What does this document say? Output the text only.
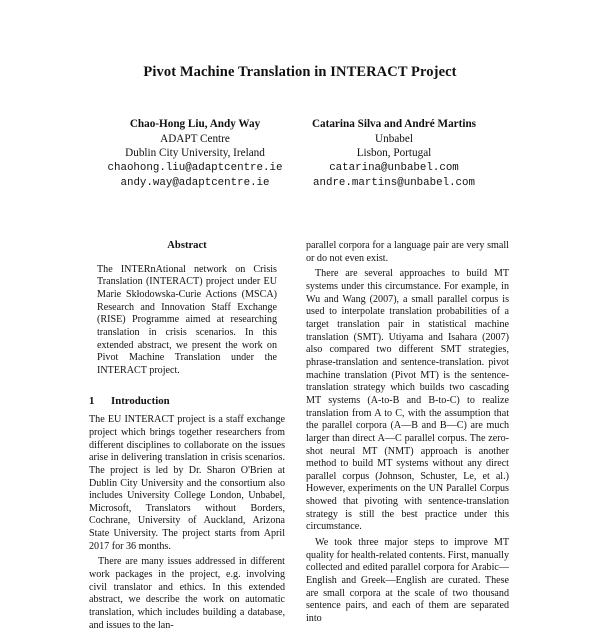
Pivot Machine Translation in INTERACT Project
Chao-Hong Liu, Andy Way
ADAPT Centre
Dublin City University, Ireland
chaohong.liu@adaptcentre.ie
andy.way@adaptcentre.ie
Catarina Silva and André Martins
Unbabel
Lisbon, Portugal
catarina@unbabel.com
andre.martins@unbabel.com
Abstract

The INTERnAtional network on Crisis Translation (INTERACT) project under EU Marie Skłodowska-Curie Actions (MSCA) Research and Innovation Staff Exchange (RISE) Programme aimed at researching translation in crisis scenarios. In this extended abstract, we present the work on Pivot Machine Translation under the INTERACT project.

1 Introduction

The EU INTERACT project is a staff exchange project which brings together researchers from different disciplines to collaborate on the issues arise in delivering translation in crisis scenarios. The project is led by Dr. Sharon O'Brien at Dublin City University and the consortium also includes University College London, Unbabel, Microsoft, Translators without Borders, Cochrane, University of Auckland, Arizona State University. The project starts from April 2017 for 36 months.

There are many issues addressed in different work packages in the project, e.g. involving civil translator and ethics. In this extended abstract, we describe the work on automatic translation, which includes building a database, and issues to the lan-

parallel corpora for a language pair are very small or do not even exist.

There are several approaches to build MT systems under this circumstance. For example, in Wu and Wang (2007), a small parallel corpus is used to interpolate translation probabilities of a target translation pair in statistical machine translation (SMT). Utiyama and Isahara (2007) also compared two different SMT strategies, phrase-translation and sentence-translation. pivot machine translation (Pivot MT) is the sentence-translation strategy which builds two cascading MT systems (A-to-B and B-to-C) to realize translation from A to C, with the assumption that the parallel corpora (A—B and B—C) are much larger than direct A—C parallel corpus. The zero-shot neural MT (NMT) approach is another method to build MT systems without any direct parallel corpus (Johnson, Schuster, Le, et al.) However, experiments on the UN Parallel Corpus showed that pivoting with sentence-translation strategy is still the best practice under this circumstance.

We took three major steps to improve MT quality for health-related contents. First, manually collected and edited parallel corpora for Arabic—English and Greek—English are curated. These are small corpora at the scale of two thousand sentence pairs, and each of them are separated into
